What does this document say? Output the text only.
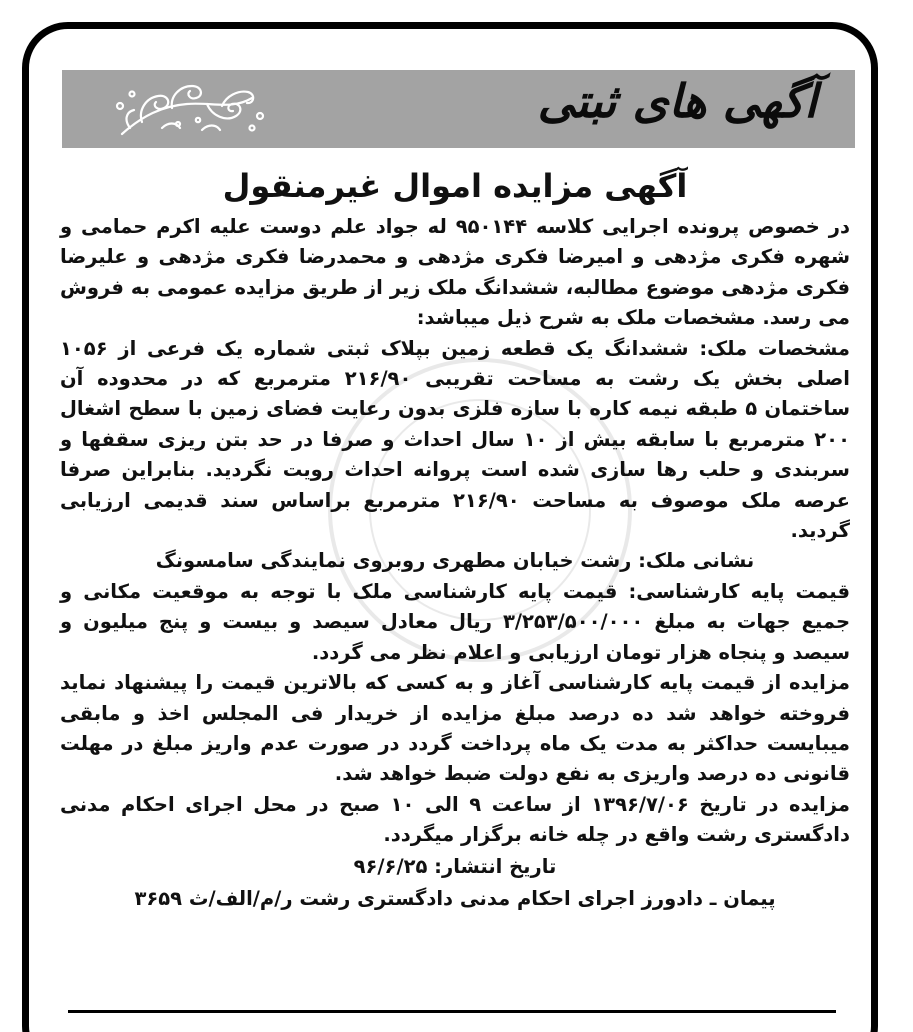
آگهی های ثبتی
آگهی مزایده اموال غیرمنقول

در خصوص پرونده اجرایی کلاسه ۹۵۰۱۴۴ له جواد علم دوست علیه اکرم حمامی و شهره فکری مژدهی و امیرضا فکری مژدهی و محمدرضا فکری مژدهی و علیرضا فکری مژدهی موضوع مطالبه، ششدانگ ملک زیر از طریق مزایده عمومی به فروش می رسد. مشخصات ملک به شرح ذیل میباشد:

مشخصات ملک: ششدانگ یک قطعه زمین بپلاک ثبتی شماره یک فرعی از ۱۰۵۶ اصلی بخش یک رشت به مساحت تقریبی ۲۱۶/۹۰ مترمربع که در محدوده آن ساختمان ۵ طبقه نیمه کاره با سازه فلزی بدون رعایت فضای زمین با سطح اشغال ۲۰۰ مترمربع با سابقه بیش از ۱۰ سال احداث و صرفا در حد بتن ریزی سقفها و سربندی و حلب رها سازی شده است پروانه احداث رویت نگردید. بنابراین صرفا عرصه ملک موصوف به مساحت ۲۱۶/۹۰ مترمربع براساس سند قدیمی ارزیابی گردید.

نشانی ملک: رشت خیابان مطهری روبروی نمایندگی سامسونگ

قیمت پایه کارشناسی: قیمت پایه کارشناسی ملک با توجه به موقعیت مکانی و جمیع جهات به مبلغ ۳/۲۵۳/۵۰۰/۰۰۰ ریال معادل سیصد و بیست و پنج میلیون و سیصد و پنجاه هزار تومان ارزیابی و اعلام نظر می گردد.

مزایده از قیمت پایه کارشناسی آغاز و به کسی که بالاترین قیمت را پیشنهاد نماید فروخته خواهد شد ده درصد مبلغ مزایده از خریدار فی المجلس اخذ و مابقی میبایست حداکثر به مدت یک ماه پرداخت گردد در صورت عدم واریز مبلغ در مهلت قانونی ده درصد واریزی به نفع دولت ضبط خواهد شد.

مزایده در تاریخ ۱۳۹۶/۷/۰۶ از ساعت ۹ الی ۱۰ صبح در محل اجرای احکام مدنی دادگستری رشت واقع در چله خانه برگزار میگردد.

تاریخ انتشار: ۹۶/۶/۲۵

پیمان ـ دادورز اجرای احکام مدنی دادگستری رشت ر/م/الف/ث ۳۶۵۹
